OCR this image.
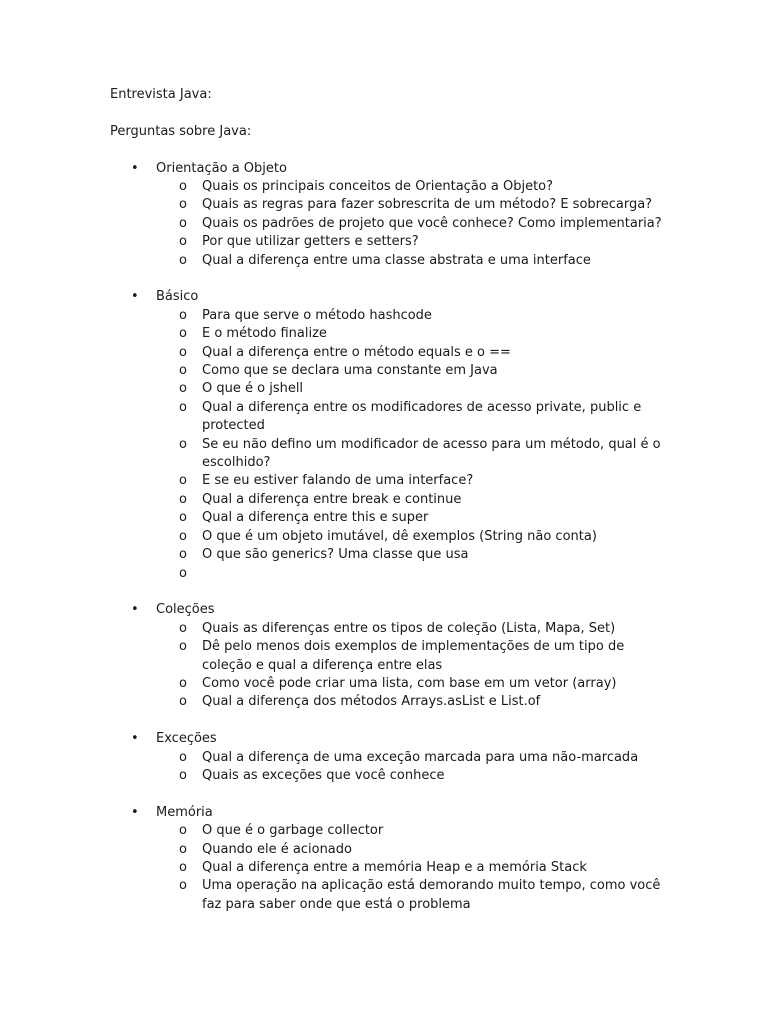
Entrevista Java:

Perguntas sobre Java:

• Orientação a Objeto
o Quais os principais conceitos de Orientação a Objeto?
o Quais as regras para fazer sobrescrita de um método? E sobrecarga?
o Quais os padrões de projeto que você conhece? Como implementaria?
o Por que utilizar getters e setters?
o Qual a diferença entre uma classe abstrata e uma interface
• Básico
o Para que serve o método hashcode
o E o método finalize
o Qual a diferença entre o método equals e o ==
o Como que se declara uma constante em Java
o O que é o jshell
o Qual a diferença entre os modificadores de acesso private, public e protected
o Se eu não defino um modificador de acesso para um método, qual é o escolhido?
o E se eu estiver falando de uma interface?
o Qual a diferença entre break e continue
o Qual a diferença entre this e super
o O que é um objeto imutável, dê exemplos (String não conta)
o O que são generics? Uma classe que usa
o
• Coleções
o Quais as diferenças entre os tipos de coleção (Lista, Mapa, Set)
o Dê pelo menos dois exemplos de implementações de um tipo de coleção e qual a diferença entre elas
o Como você pode criar uma lista, com base em um vetor (array)
o Qual a diferença dos métodos Arrays.asList e List.of
• Exceções
o Qual a diferença de uma exceção marcada para uma não-marcada
o Quais as exceções que você conhece
• Memória
o O que é o garbage collector
o Quando ele é acionado
o Qual a diferença entre a memória Heap e a memória Stack
o Uma operação na aplicação está demorando muito tempo, como você faz para saber onde que está o problema
